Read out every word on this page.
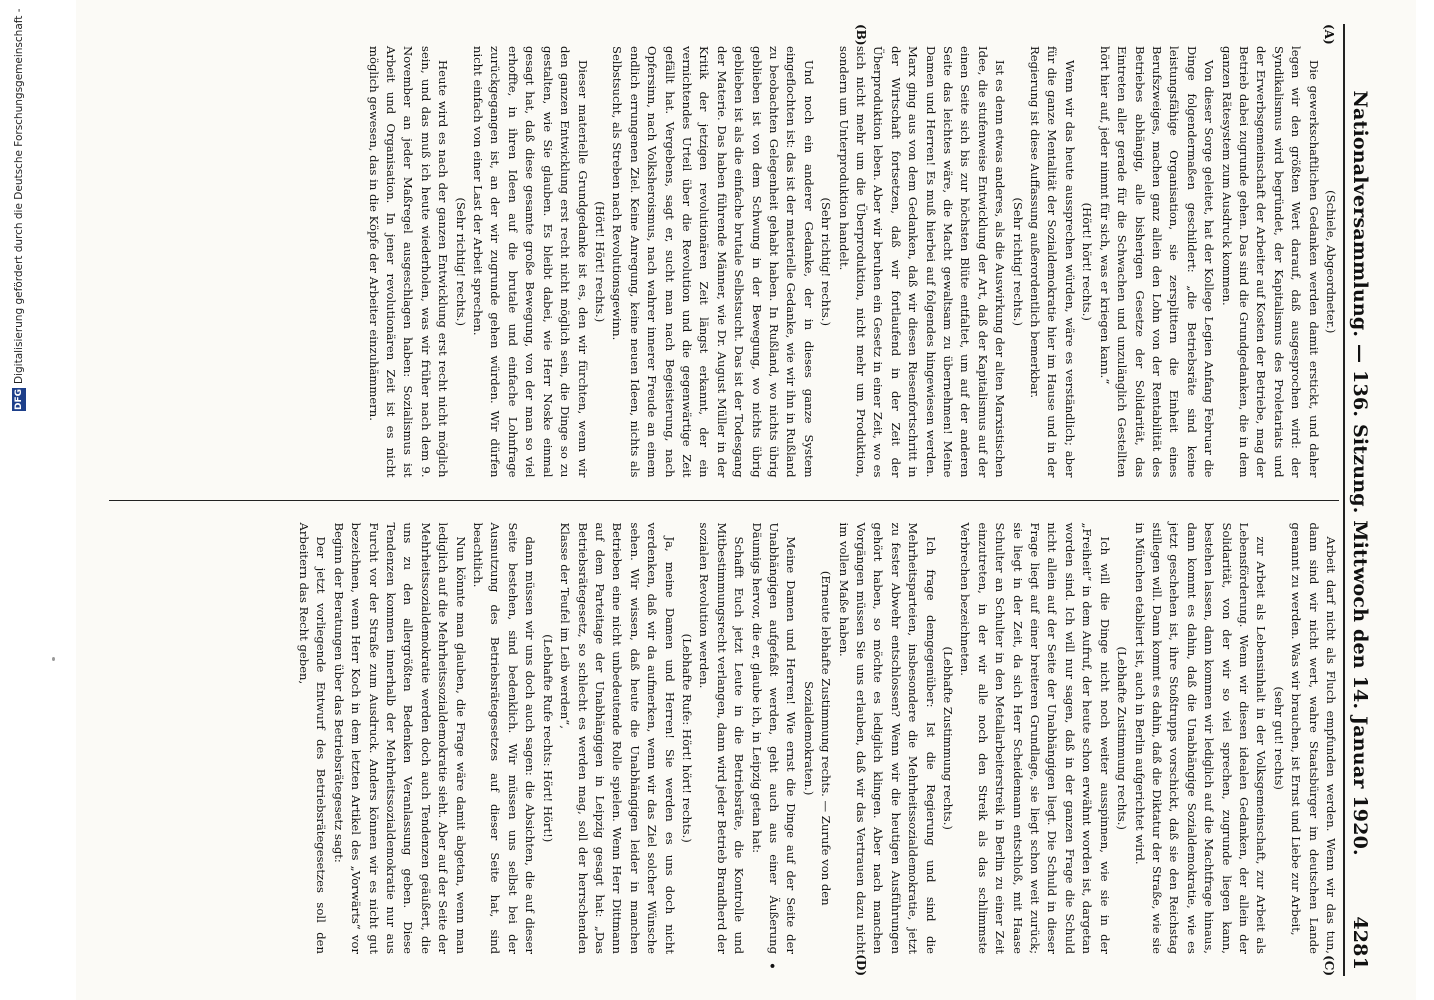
DFG
Digitalisierung gefördert durch die Deutsche Forschungsgemeinschaft -	Nationalversammlung. — 136. Sitzung. Mittwoch den 14. Januar 1920.
4281
(A)
(B)

(Schiele, Abgeordneter.)

Die gewerkschaftlichen Gedanken werden damit erstickt, und daher legen wir den größten Wert darauf, daß ausgesprochen wird: der Syndikalismus wird begründet, der Kapitalismus des Proletariats und der Erwerbsgemeinschaft der Arbeiter auf Kosten der Betriebe, mag der Betrieb dabei zugrunde gehen. Das sind die Grundgedanken, die in dem ganzen Rätesystem zum Ausdruck kommen.

Von dieser Sorge geleitet, hat der Kollege Legien Anfang Februar die Dinge folgendermaßen geschildert: „die Betriebsräte sind keine leistungsfähige Organisation, sie zersplittern die Einheit eines Berufszweiges, machen ganz allein den Lohn von der Rentabilität des Betriebes abhängig, alle bisherigen Gesetze der Solidarität, das Eintreten aller gerade für die Schwachen und unzulänglich Gestellten hört hier auf, jeder nimmt für sich, was er kriegen kann.“

(Hört! hört! rechts.)

Wenn wir das heute aussprechen würden, wäre es verständlich; aber für die ganze Mentalität der Sozialdemokratie hier im Hause und in der Regierung ist diese Auffassung außerordentlich bemerkbar.

(Sehr richtig! rechts.)

Ist es denn etwas anderes, als die Auswirkung der alten Marxistischen Idee, die stufenweise Entwicklung der Art, daß der Kapitalismus auf der einen Seite sich bis zur höchsten Blüte entfaltet, um auf der anderen Seite das leichtes wäre, die Macht gewaltsam zu übernehmen! Meine Damen und Herren! Es muß hierbei auf folgendes hingewiesen werden. Marx ging aus von dem Gedanken, daß wir diesen Riesenfortschritt in der Wirtschaft fortsetzen, daß wir fortlaufend in der Zeit der Überproduktion leben. Aber wir beruhen ein Gesetz in einer Zeit, wo es sich nicht mehr um die Überproduktion, nicht mehr um Produktion, sondern um Unterproduktion handelt.

(Sehr richtig! rechts.)

Und noch ein anderer Gedanke, der in dieses ganze System eingeflochten ist: das ist der materielle Gedanke, wie wir ihn in Rußland zu beobachten Gelegenheit gehabt haben. In Rußland, wo nichts übrig geblieben ist von dem Schwung in der Bewegung, wo nichts übrig geblieben ist als die einfache brutale Selbstsucht. Das ist der Todesgang der Materie. Das haben führende Männer, wie Dr. August Müller in der Kritik der jetzigen revolutionären Zeit längst erkannt, der ein vernichtendes Urteil über die Revolution und die gegenwärtige Zeit gefällt hat. Vergebens, sagt er, sucht man nach Begeisterung, nach Opfersinn, nach Volksheroismus, nach wahrer innerer Freude an einem endlich errungenen Ziel. Keine Anregung, keine neuen Ideen, nichts als Selbstsucht, als Streben nach Revolutionsgewinn.

(Hört! Hört! rechts.)

Dieser materielle Grundgedanke ist es, den wir fürchten, wenn wir den ganzen Entwicklung erst recht nicht möglich sein, die Dinge so zu gestalten, wie Sie glauben. Es bleibt dabei, wie Herr Noske einmal gesagt hat, daß diese gesamte große Bewegung, von der man so viel erhoffte, in ihren Ideen auf die brutale und einfache Lohnfrage zurückgegangen ist, an der wir zugrunde gehen würden. Wir dürfen nicht einfach von einer Last der Arbeit sprechen.

(Sehr richtig! rechts.)

Heute wird es nach der ganzen Entwicklung erst recht nicht möglich sein, und das muß ich heute wiederholen, was wir früher nach dem 9. November an jeder Maßregel ausgeschlagen haben: Sozialismus ist Arbeit und Organisation. In jener revolutionären Zeit ist es nicht möglich gewesen, das in die Köpfe der Arbeiter einzuhämmern.

(C)
(D)
•

Arbeit darf nicht als Fluch empfunden werden. Wenn wir das tun, dann sind wir nicht wert, wahre Staatsbürger im deutschen Lande genannt zu werden. Was wir brauchen, ist Ernst und Liebe zur Arbeit,

(sehr gut! rechts)

zur Arbeit als Lebensinhalt in der Volksgemeinschaft, zur Arbeit als Lebensförderung. Wenn wir diesen idealen Gedanken, der allein der Solidarität, von der wir so viel sprechen, zugrunde liegen kann, bestehen lassen, dann kommen wir lediglich auf die Machtfrage hinaus, dann kommt es dahin, daß die Unabhängige Sozialdemokratie, wie es jetzt geschehen ist, ihre Stoßtrupps vorschickt, daß sie den Reichstag stillegen will. Dann kommt es dahin, daß die Diktatur der Straße, wie sie in München etabliert ist, auch in Berlin aufgerichtet wird.

(Lebhafte Zustimmung rechts.)

Ich will die Dinge nicht noch weiter ausspinnen, wie sie in der „Freiheit“ in dem Aufruf, der heute schon erwähnt worden ist, dargetan worden sind. Ich will nur sagen, daß in der ganzen Frage die Schuld nicht allein auf der Seite der Unabhängigen liegt. Die Schuld in dieser Frage liegt auf einer breiteren Grundlage, sie liegt schon weit zurück; sie liegt in der Zeit, da sich Herr Scheidemann entschloß, mit Haase Schulter an Schulter in den Metallarbeiterstreik in Berlin zu einer Zeit einzutreten, in der wir alle noch den Streik als das schlimmste Verbrechen bezeichneten.

(Lebhafte Zustimmung rechts.)

Ich frage demgegenüber: Ist die Regierung und sind die Mehrheitsparteien, insbesondere die Mehrheitssozialdemokratie, jetzt zu fester Abwehr entschlossen? Wenn wir die heutigen Ausführungen gehört haben, so möchte es lediglich klingen. Aber nach manchen Vorgängen müssen Sie uns erlauben, daß wir das Vertrauen dazu nicht im vollen Maße haben.

(Erneute lebhafte Zustimmung rechts. — Zurufe von den Sozialdemokraten.)

Meine Damen und Herren! Wie ernst die Dinge auf der Seite der Unabhängigen aufgefaßt werden, geht auch aus einer Äußerung Däumigs hervor, die er, glaube ich, in Leipzig getan hat:

Schafft Euch jetzt Leute in die Betriebsräte, die Kontrolle und Mitbestimmungsrecht verlangen, dann wird jeder Betrieb Brandherd der sozialen Revolution werden.

(Lebhafte Rufe: Hört! hört! rechts.)

Ja, meine Damen und Herren! Sie werden es uns doch nicht verdenken, daß wir da aufmerken, wenn wir das Ziel solcher Wünsche sehen. Wir wissen, daß heute die Unabhängigen leider in manchen Betrieben eine nicht unbedeutende Rolle spielen. Wenn Herr Dittmann auf dem Parteitage der Unabhängigen in Leipzig gesagt hat: „Das Betriebsrätegesetz, so schlecht es werden mag, soll der herrschenden Klasse der Teufel im Leib werden“,

(Lebhafte Rufe rechts: Hört! Hört!)

dann müssen wir uns doch auch sagen: die Absichten, die auf dieser Seite bestehen, sind bedenklich. Wir müssen uns selbst bei der Ausnutzung des Betriebsrätegesetzes auf dieser Seite hat, sind beachtlich.

Nun könnte man glauben, die Frage wäre damit abgetan, wenn man lediglich auf die Mehrheitssozialdemokratie sieht. Aber auf der Seite der Mehrheitssozialdemokratie werden doch auch Tendenzen geäußert, die uns zu den allergrößten Bedenken Veranlassung geben. Diese Tendenzen kommen innerhalb der Mehrheitssozialdemokratie nur aus Furcht vor der Straße zum Ausdruck. Anders können wir es nicht gut bezeichnen, wenn Herr Koch in dem letzten Artikel des „Vorwärts“ vor Beginn der Beratungen über das Betriebsrätegesetz sagt:

Der jetzt vorliegende Entwurf des Betriebsrätegesetzes soll den Arbeitern das Recht geben,
